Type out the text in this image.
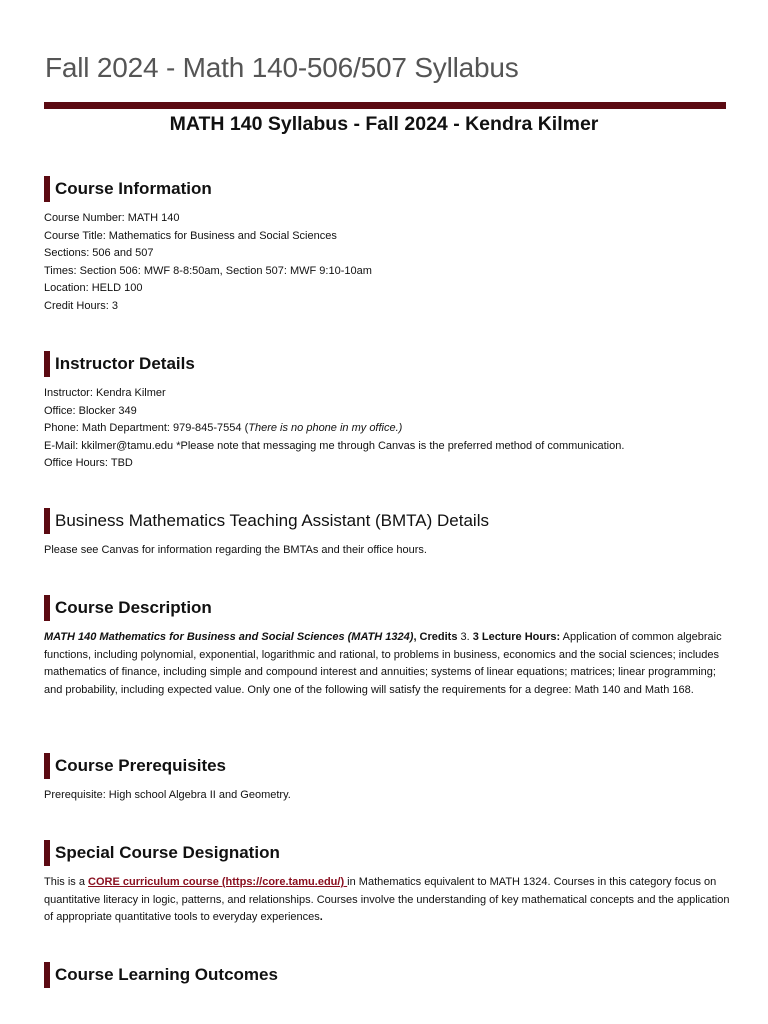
Fall 2024 - Math 140-506/507 Syllabus
MATH 140 Syllabus - Fall 2024 - Kendra Kilmer
Course Information
Course Number: MATH 140
Course Title: Mathematics for Business and Social Sciences
Sections: 506 and 507
Times: Section 506: MWF 8-8:50am, Section 507: MWF 9:10-10am
Location: HELD 100
Credit Hours: 3
Instructor Details
Instructor: Kendra Kilmer
Office: Blocker 349
Phone: Math Department: 979-845-7554 (There is no phone in my office.)
E-Mail: kkilmer@tamu.edu *Please note that messaging me through Canvas is the preferred method of communication.
Office Hours: TBD
Business Mathematics Teaching Assistant (BMTA) Details
Please see Canvas for information regarding the BMTAs and their office hours.
Course Description
MATH 140 Mathematics for Business and Social Sciences (MATH 1324), Credits 3. 3 Lecture Hours: Application of common algebraic functions, including polynomial, exponential, logarithmic and rational, to problems in business, economics and the social sciences; includes mathematics of finance, including simple and compound interest and annuities; systems of linear equations; matrices; linear programming; and probability, including expected value. Only one of the following will satisfy the requirements for a degree: Math 140 and Math 168.
Course Prerequisites
Prerequisite: High school Algebra II and Geometry.
Special Course Designation
This is a CORE curriculum course (https://core.tamu.edu/) in Mathematics equivalent to MATH 1324. Courses in this category focus on quantitative literacy in logic, patterns, and relationships. Courses involve the understanding of key mathematical concepts and the application of appropriate quantitative tools to everyday experiences.
Course Learning Outcomes
